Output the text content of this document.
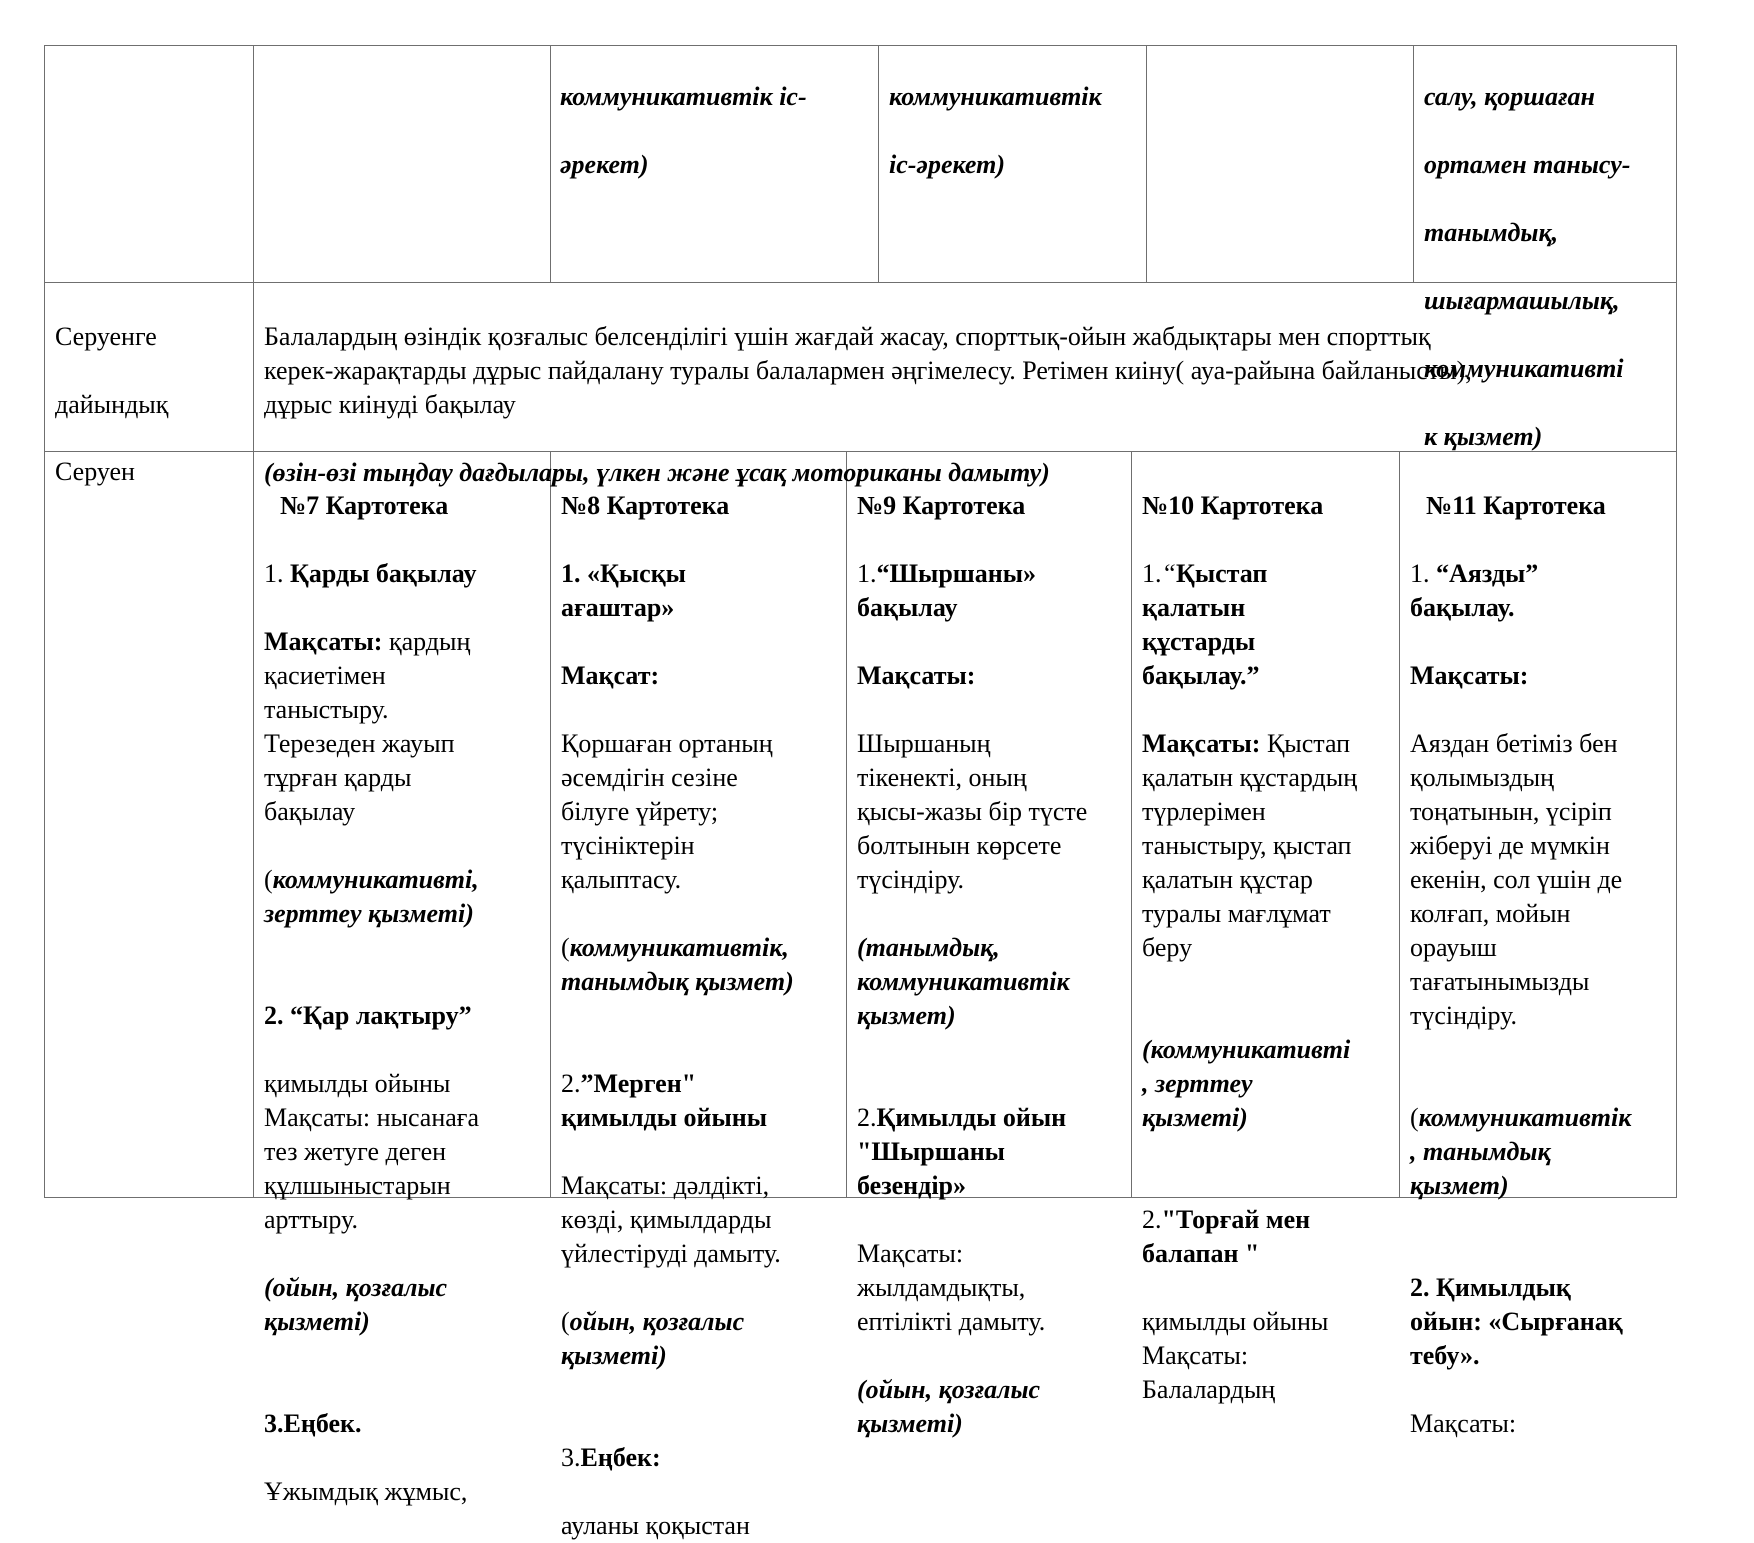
коммуникативтік іс-

әрекет)

коммуникативтік

іс-әрекет)

салу, қоршаған

ортамен танысу-

танымдық,

шығармашылық,

коммуникативті

к қызмет)

Серуенге

дайындық

Балалардың өзіндік қозғалыс белсенділігі үшін жағдай жасау, спорттық-ойын жабдықтары мен спорттық
керек-жарақтарды дұрыс пайдалану туралы балалармен әңгімелесу. Ретімен киіну( ауа-райына байланысты),
дұрыс киінуді бақылау

(өзін-өзі тыңдау дағдылары, үлкен және ұсақ моториканы дамыту)

Серуен

№7 Картотека

1. Қарды бақылау

Мақсаты: қардың
қасиетімен
таныстыру.
Терезеден жауып
тұрған қарды
бақылау

(коммуникативті,
зерттеу қызметі)

2. “Қар лақтыру”

қимылды ойыны
Мақсаты: нысанаға
тез жетуге деген
құлшыныстарын
арттыру.

(ойын, қозғалыс
қызметі)

3.Еңбек.

Ұжымдық жұмыс,

№8 Картотека

1. «Қысқы
ағаштар»

Мақсат:

Қоршаған ортаның
әсемдігін сезіне
білуге үйрету;
түсініктерін
қалыптасу.

(коммуникативтік,
танымдық қызмет)

2.”Мерген"
қимылды ойыны

Мақсаты: дәлдікті,
көзді, қимылдарды
үйлестіруді дамыту.

(ойын, қозғалыс
қызметі)

3.Еңбек:

ауланы қоқыстан

№9 Картотека

1.“Шыршаны»
бақылау

Мақсаты:

Шыршаның
тікенекті, оның
қысы-жазы бір түсте
болтынын көрсете
түсіндіру.

(танымдық,
коммуникативтік
қызмет)

2.Қимылды ойын
"Шыршаны
безендір»

Мақсаты:
жылдамдықты,
ептілікті дамыту.

(ойын, қозғалыс
қызметі)

№10 Картотека

1.“Қыстап
қалатын
құстарды
бақылау.”

Мақсаты: Қыстап
қалатын құстардың
түрлерімен
таныстыру, қыстап
қалатын құстар
туралы мағлұмат
беру

(коммуникативті
, зерттеу
қызметі)

2."Торғай мен
балапан "

қимылды ойыны
Мақсаты:
Балалардың

№11 Картотека

1. “Аязды”
бақылау.

Мақсаты:

Аяздан бетіміз бен
қолымыздың
тоңатынын, үсіріп
жіберуі де мүмкін
екенін, сол үшін де
колғап, мойын
орауыш
тағатынымызды
түсіндіру.

(коммуникативтік
, танымдық
қызмет)

2. Қимылдық
ойын: «Сырғанақ
тебу».

Мақсаты:
